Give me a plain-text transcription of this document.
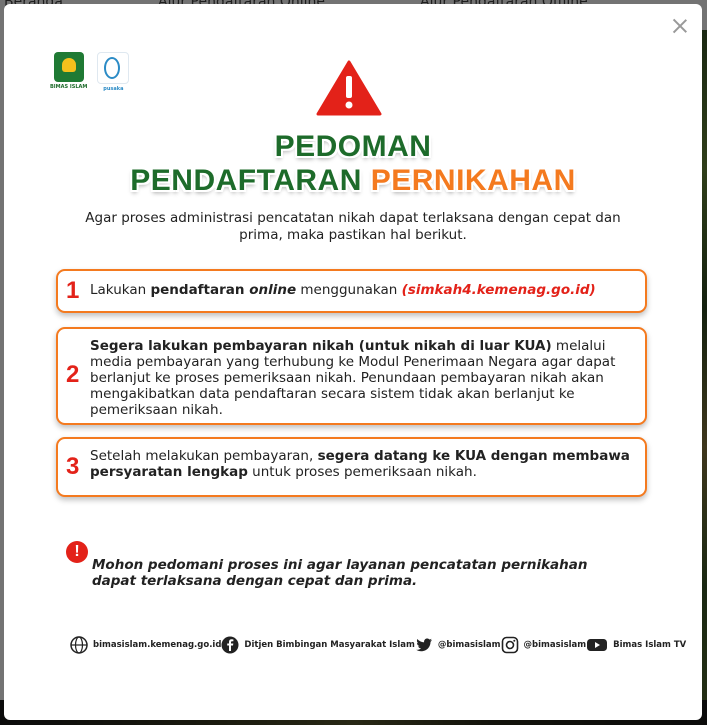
BIMAS ISLAM	pusaka
PEDOMAN
PENDAFTARAN PERNIKAHAN
Agar proses administrasi pencatatan nikah dapat terlaksana dengan cepat dan prima, maka pastikan hal berikut.
1 Lakukan pendaftaran online menggunakan (simkah4.kemenag.go.id)
2
Segera lakukan pembayaran nikah (untuk nikah di luar KUA) melalui media pembayaran yang terhubung ke Modul Penerimaan Negara agar dapat berlanjut ke proses pemeriksaan nikah. Penundaan pembayaran nikah akan mengakibatkan data pendaftaran secara sistem tidak akan berlanjut ke pemeriksaan nikah.
3 Setelah melakukan pembayaran, segera datang ke KUA dengan membawa persyaratan lengkap untuk proses pemeriksaan nikah.
!
Mohon pedomani proses ini agar layanan pencatatan pernikahan dapat terlaksana dengan cepat dan prima.
bimasislam.kemenag.go.id	Ditjen Bimbingan Masyarakat Islam	@bimasislam	@bimasislam	Bimas Islam TV
